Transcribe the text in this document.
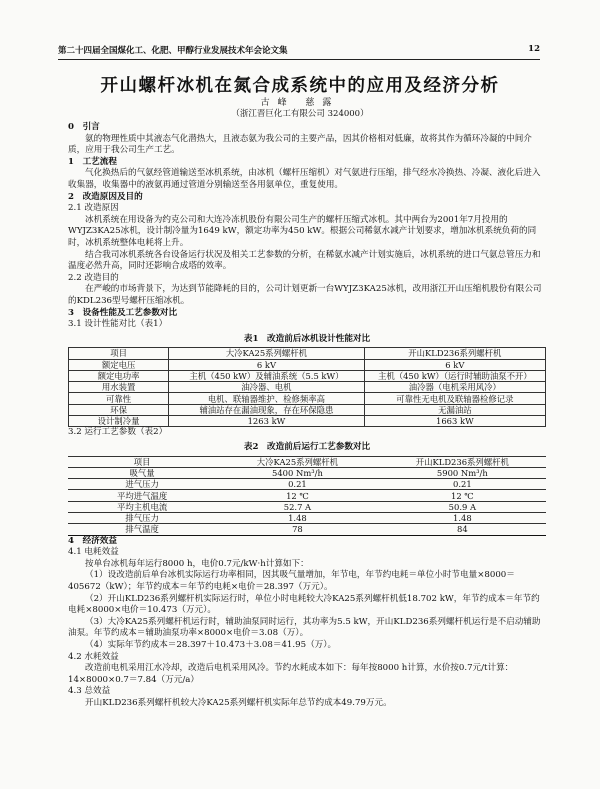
第二十四届全国煤化工、化肥、甲醇行业发展技术年会论文集	12
开山螺杆冰机在氮合成系统中的应用及经济分析
古峰 慈露
（浙江晋巨化工有限公司 324000）

0　引言

氨的物理性质中其液态气化潜热大，且液态氨为我公司的主要产品，因其价格相对低廉，故将其作为循环冷凝的中间介质，应用于我公司生产工艺。

1　工艺流程

气化换热后的气氨经管道输送至冰机系统，由冰机（螺杆压缩机）对气氨进行压缩，排气经水冷换热、冷凝、液化后进入收集器，收集器中的液氨再通过管道分别输送至各用氨单位，重复使用。

2　改造原因及目的

2.1 改造原因

冰机系统在用设备为约克公司和大连冷冻机股份有限公司生产的螺杆压缩式冰机。其中两台为2001年7月投用的WYJZ3KA25冰机，设计制冷量为1649 kW，额定功率为450 kW。根据公司稀氨水减产计划要求，增加冰机系统负荷的同时，冰机系统整体电耗将上升。

结合我司冰机系统各台设备运行状况及相关工艺参数的分析，在稀氨水减产计划实施后，冰机系统的进口气氨总管压力和温度必然升高，同时还影响合成塔的效率。

2.2 改造目的

在严峻的市场背景下，为达到节能降耗的目的，公司计划更新一台WYJZ3KA25冰机，改用浙江开山压缩机股份有限公司的KDL236型号螺杆压缩冰机。

3　设备性能及工艺参数对比

3.1 设计性能对比（表1）

表1　改造前后冰机设计性能对比
项目	大冷KA25系列螺杆机	开山KLD236系列螺杆机
额定电压	6 kV	6 kV
额定电功率	主机（450 kW）及辅油系统（5.5 kW）	主机（450 kW）（运行时辅助油泵不开）
用水装置	油冷器、电机	油冷器（电机采用风冷）
可靠性	电机、联轴器维护、检修频率高	可靠性无电机及联轴器检修记录
环保	辅油站存在漏油现象，存在环保隐患	无漏油站
设计制冷量	1263 kW	1663 kW

3.2 运行工艺参数（表2）

表2　改造前后运行工艺参数对比
项目	大冷KA25系列螺杆机	开山KLD236系列螺杆机
吸气量	5400 Nm³/h	5900 Nm³/h
进气压力	0.21	0.21
平均进气温度	12 ℃	12 ℃
平均主机电流	52.7 A	50.9 A
排气压力	1.48	1.48
排气温度	78	84

4　经济效益

4.1 电耗效益

按单台冰机每年运行8000 h，电价0.7元/kW·h计算如下：

（1）设改造前后单台冰机实际运行功率相同，因其吸气量增加，年节电，年节约电耗＝单位小时节电量×8000＝405672（kW）；年节约成本＝年节约电耗×电价＝28.397（万元）。

（2）开山KLD236系列螺杆机实际运行时，单位小时电耗较大冷KA25系列螺杆机低18.702 kW，年节约成本＝年节约电耗×8000×电价＝10.473（万元）。

（3）大冷KA25系列螺杆机运行时，辅助油泵同时运行，其功率为5.5 kW，开山KLD236系列螺杆机运行是不启动辅助油泵。年节约成本＝辅助油泵功率×8000×电价＝3.08（万）。

（4）实际年节约成本＝28.397＋10.473＋3.08＝41.95（万）。

4.2 水耗效益

改造前电机采用江水冷却，改造后电机采用风冷。节约水耗成本如下：每年按8000 h计算，水价按0.7元/t计算：14×8000×0.7＝7.84（万元/a）

4.3 总效益

开山KLD236系列螺杆机较大冷KA25系列螺杆机实际年总节约成本49.79万元。
